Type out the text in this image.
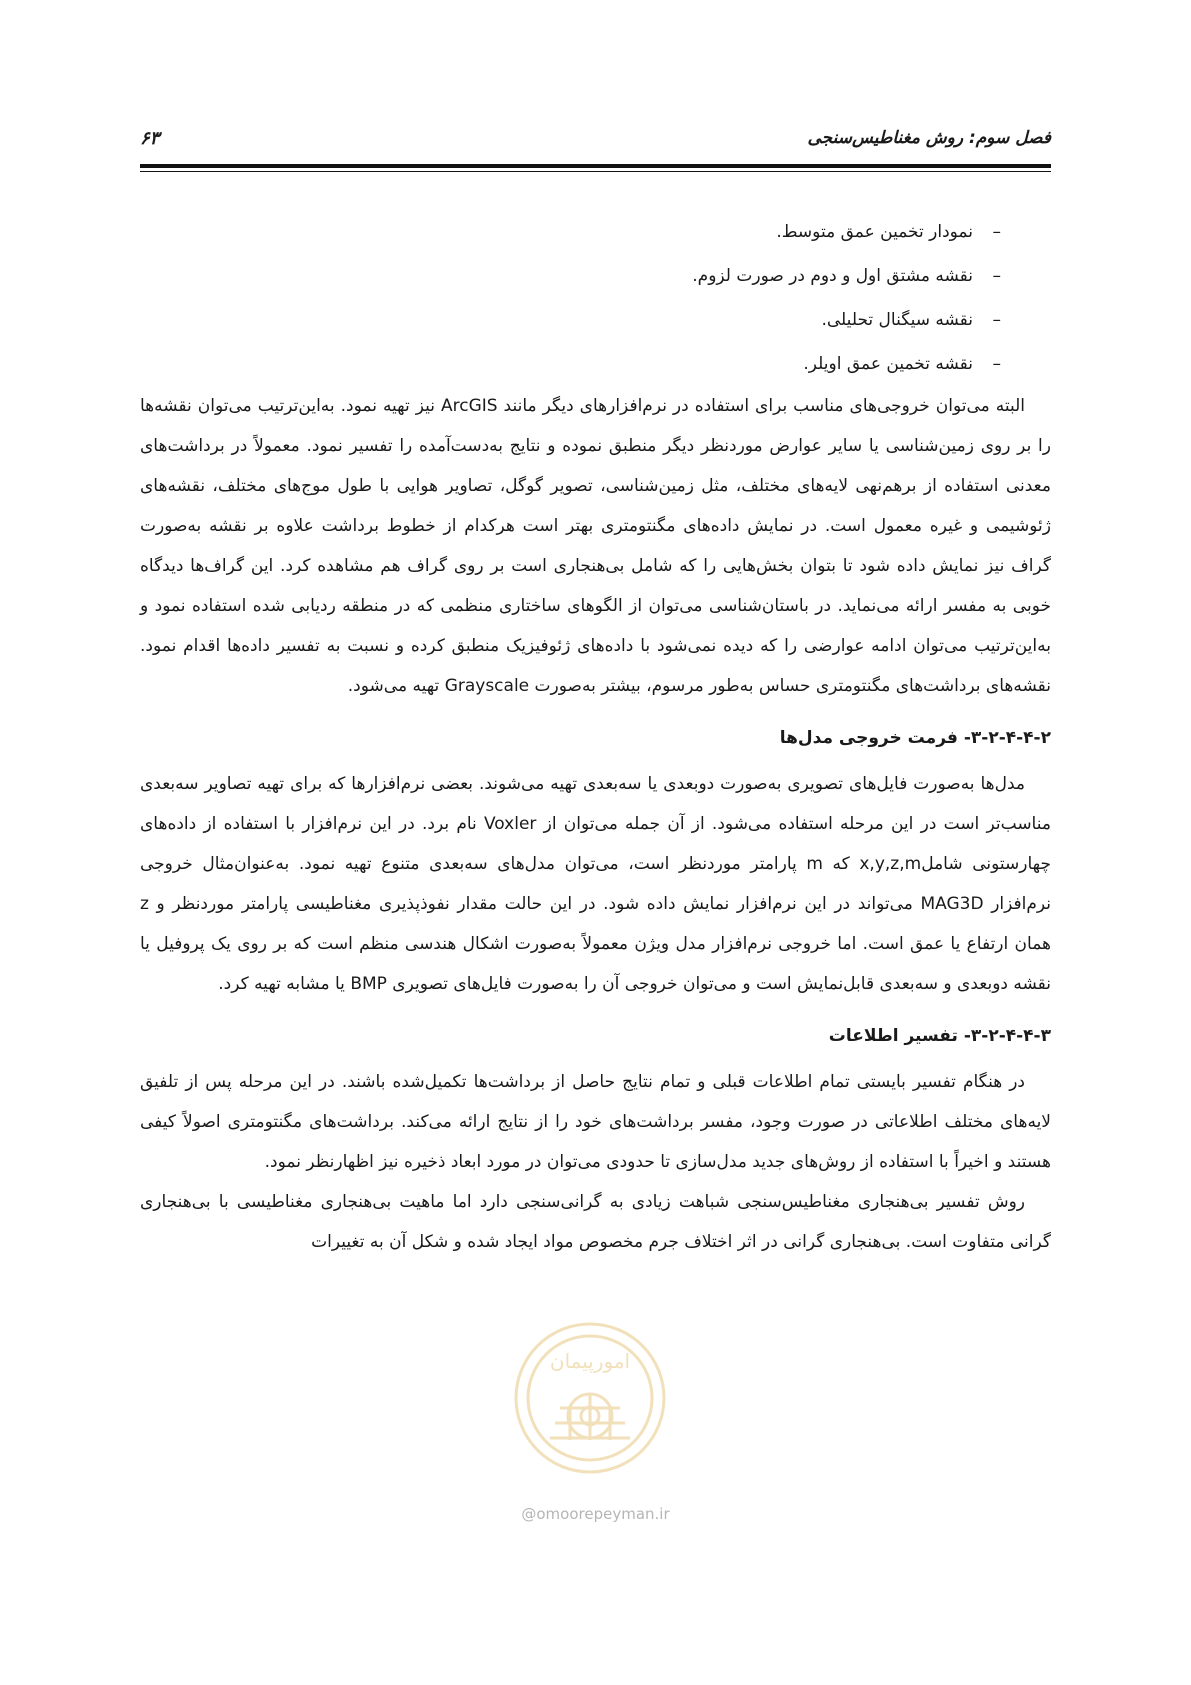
فصل سوم: روش مغناطیس‌سنجی
۶۳
–
نمودار تخمین عمق متوسط.
–
نقشه مشتق اول و دوم در صورت لزوم.
–
نقشه سیگنال تحلیلی.
–
نقشه تخمین عمق اویلر.

البته می‌توان خروجی‌های مناسب برای استفاده در نرم‌افزارهای دیگر مانند ArcGIS نیز تهیه نمود. به‌این‌ترتیب می‌توان نقشه‌ها را بر روی زمین‌شناسی یا سایر عوارض موردنظر دیگر منطبق نموده و نتایج به‌دست‌آمده را تفسیر نمود. معمولاً در برداشت‌های معدنی استفاده از برهم‌نهی لایه‌های مختلف، مثل زمین‌شناسی، تصویر گوگل، تصاویر هوایی با طول موج‌های مختلف، نقشه‌های ژئوشیمی و غیره معمول است. در نمایش داده‌های مگنتومتری بهتر است هرکدام از خطوط برداشت علاوه بر نقشه به‌صورت گراف نیز نمایش داده شود تا بتوان بخش‌هایی را که شامل بی‌هنجاری است بر روی گراف هم مشاهده کرد. این گراف‌ها دیدگاه خوبی به مفسر ارائه می‌نماید. در باستان‌شناسی می‌توان از الگوهای ساختاری منظمی که در منطقه ردیابی شده استفاده نمود و به‌این‌ترتیب می‌توان ادامه عوارضی را که دیده نمی‌شود با داده‌های ژئوفیزیک منطبق کرده و نسبت به تفسیر داده‌ها اقدام نمود. نقشه‌های برداشت‌های مگنتومتری حساس به‌طور مرسوم، بیشتر به‌صورت Grayscale تهیه می‌شود.

۳-۲-۴-۴-۲- فرمت خروجی مدل‌ها

مدل‌ها به‌صورت فایل‌های تصویری به‌صورت دوبعدی یا سه‌بعدی تهیه می‌شوند. بعضی نرم‌افزارها که برای تهیه تصاویر سه‌بعدی مناسب‌تر است در این مرحله استفاده می‌شود. از آن جمله می‌توان از Voxler نام برد. در این نرم‌افزار با استفاده از داده‌های چهارستونی شاملx,y,z,m که m پارامتر موردنظر است، می‌توان مدل‌های سه‌بعدی متنوع تهیه نمود. به‌عنوان‌مثال خروجی نرم‌افزار MAG3D می‌تواند در این نرم‌افزار نمایش داده شود. در این حالت مقدار نفوذپذیری مغناطیسی پارامتر موردنظر و z همان ارتفاع یا عمق است. اما خروجی نرم‌افزار مدل ویژن معمولاً به‌صورت اشکال هندسی منظم است که بر روی یک پروفیل یا نقشه دوبعدی و سه‌بعدی قابل‌نمایش است و می‌توان خروجی آن را به‌صورت فایل‌های تصویری BMP یا مشابه تهیه کرد.

۳-۲-۴-۴-۳- تفسیر اطلاعات

در هنگام تفسیر بایستی تمام اطلاعات قبلی و تمام نتایج حاصل از برداشت‌ها تکمیل‌شده باشند. در این مرحله پس از تلفیق لایه‌های مختلف اطلاعاتی در صورت وجود، مفسر برداشت‌های خود را از نتایج ارائه می‌کند. برداشت‌های مگنتومتری اصولاً کیفی هستند و اخیراً با استفاده از روش‌های جدید مدل‌سازی تا حدودی می‌توان در مورد ابعاد ذخیره نیز اظهارنظر نمود.

روش تفسیر بی‌هنجاری مغناطیس‌سنجی شباهت زیادی به گرانی‌سنجی دارد اما ماهیت بی‌هنجاری مغناطیسی با بی‌هنجاری گرانی متفاوت است. بی‌هنجاری گرانی در اثر اختلاف جرم مخصوص مواد ایجاد شده و شکل آن به تغییرات

امورپیمان
@omoorepeyman.ir
